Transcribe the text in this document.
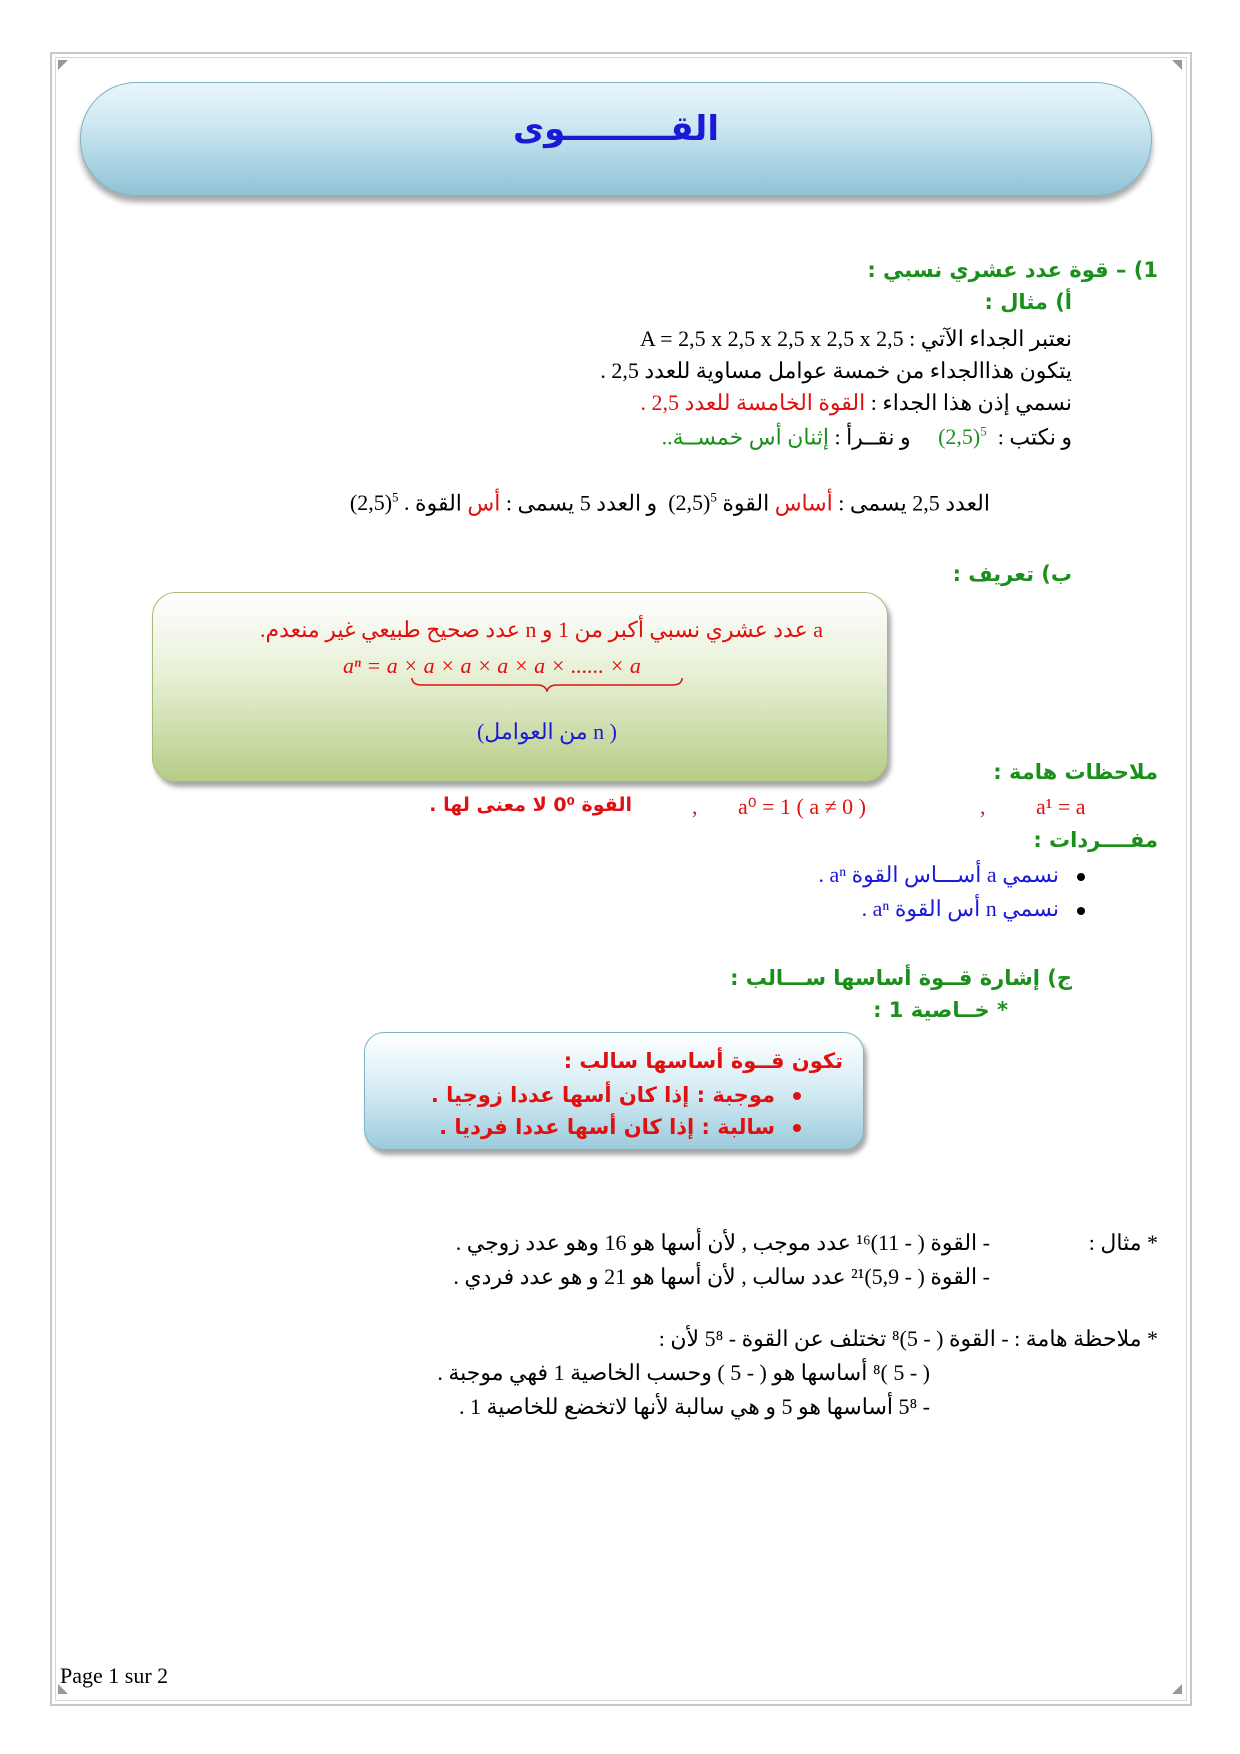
القـــــــــوى
1) – قوة عدد عشري نسبي :
أ) مثال :
نعتبر الجداء الآتي : A = 2,5 x 2,5 x 2,5 x 2,5 x 2,5
يتكون هذاالجداء من خمسة عوامل مساوية للعدد 2,5 .
نسمي إذن هذا الجداء : القوة الخامسة للعدد 2,5 .
و نكتب :  $(2,5)^5$     و نقــرأ : إثنان أس خمســة..
العدد 2,5 يسمى : أساس القوة $(2,5)^5$  و العدد 5 يسمى : أس القوة $(2,5)^5$ .
ب) تعريف :
a عدد عشري نسبي أكبر من 1 و n عدد صحيح طبيعي غير منعدم.
aⁿ = a × a × a × a × a × ...... × a
( n من العوامل)
ملاحظات هامة :
a¹ = a
,
a⁰ = 1 ( a ≠ 0 )
,
القوة 0⁰ لا معنى لها .
مفــــردات :
نسمي a أســـاس القوة aⁿ .
نسمي n أس القوة aⁿ .
ج) إشارة قــوة أساسها ســـالب :
* خــاصية 1 :
تكون قــوة أساسها سالب :
موجبة : إذا كان أسها عددا زوجيا .
سالبة : إذا كان أسها عددا فرديا .
* مثال :
- القوة ( - 11)¹⁶ عدد موجب , لأن أسها هو 16 وهو عدد زوجي .
- القوة ( - 5,9)²¹ عدد سالب , لأن أسها هو 21 و هو عدد فردي .
* ملاحظة هامة : - القوة ( - 5)⁸ تختلف عن القوة - 5⁸ لأن :
( - 5 )⁸ أساسها هو ( - 5 ) وحسب الخاصية 1 فهي موجبة .
- 5⁸ أساسها هو 5 و هي سالبة لأنها لاتخضع للخاصية 1 .
Page 1 sur 2
